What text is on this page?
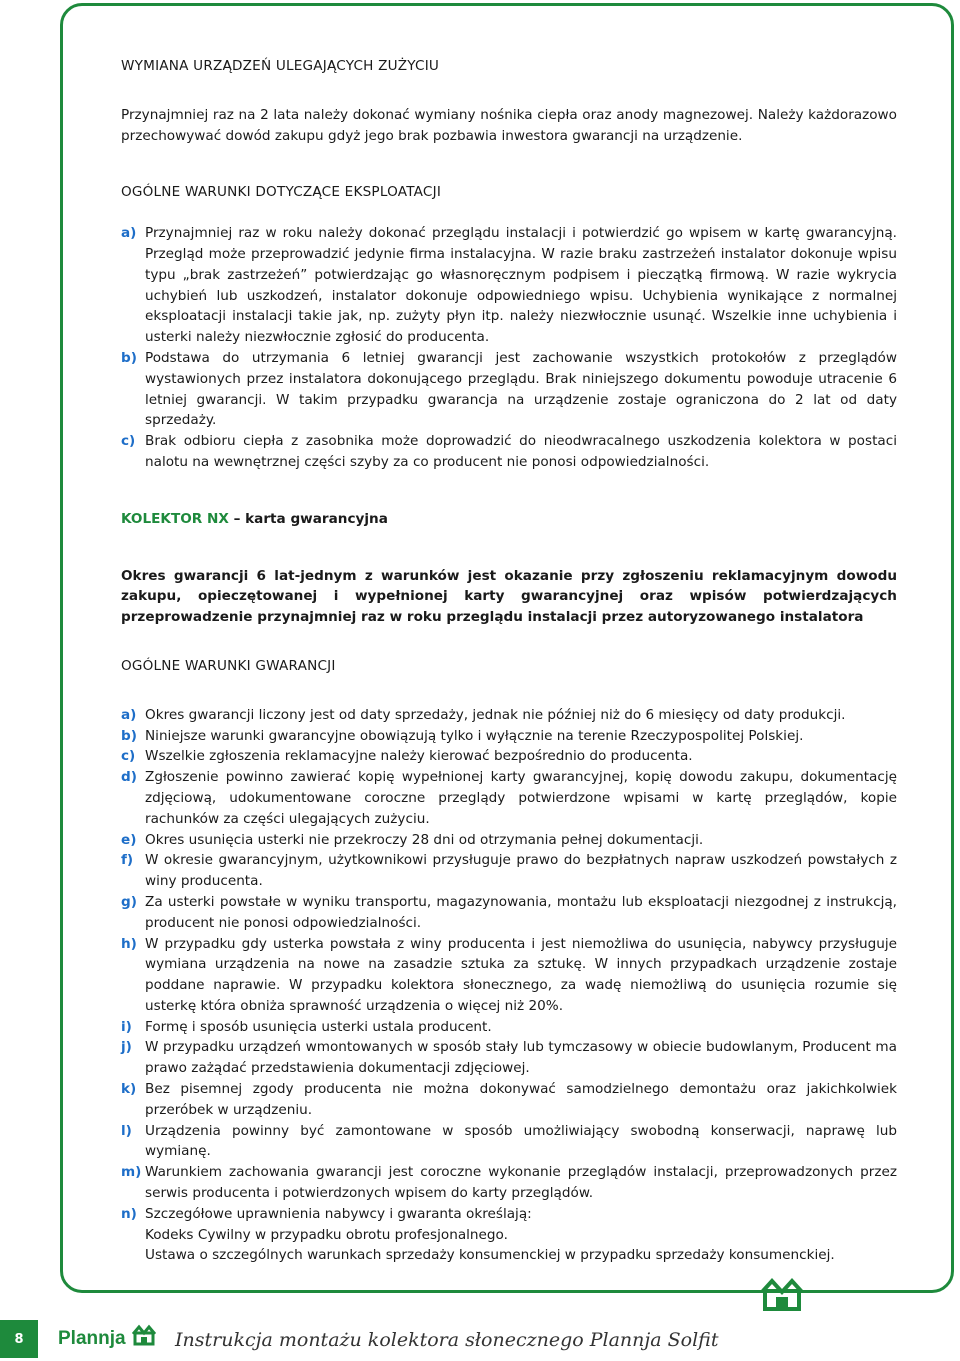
WYMIANA URZĄDZEŃ ULEGAJĄCYCH ZUŻYCIU

Przynajmniej raz na 2 lata należy dokonać wymiany nośnika ciepła oraz anody magnezowej. Należy każdorazowo przechowywać dowód zakupu gdyż jego brak pozbawia inwestora gwarancji na urządzenie.

OGÓLNE WARUNKI DOTYCZĄCE EKSPLOATACJI

a) Przynajmniej raz w roku należy dokonać przeglądu instalacji i potwierdzić go wpisem w kartę gwarancyjną. Przegląd może przeprowadzić jedynie firma instalacyjna. W razie braku zastrzeżeń instalator dokonuje wpisu typu „brak zastrzeżeń” potwierdzając go własnoręcznym podpisem i pieczątką firmową. W razie wykrycia uchybień lub uszkodzeń, instalator dokonuje odpowiedniego wpisu. Uchybienia wynikające z normalnej eksploatacji instalacji takie jak, np. zużyty płyn itp. należy niezwłocznie usunąć. Wszelkie inne uchybienia i usterki należy niezwłocznie zgłosić do producenta.
b) Podstawa do utrzymania 6 letniej gwarancji jest zachowanie wszystkich protokołów z przeglądów wystawionych przez instalatora dokonującego przeglądu. Brak niniejszego dokumentu powoduje utracenie 6 letniej gwarancji. W takim przypadku gwarancja na urządzenie zostaje ograniczona do 2 lat od daty sprzedaży.
c) Brak odbioru ciepła z zasobnika może doprowadzić do nieodwracalnego uszkodzenia kolektora w postaci nalotu na wewnętrznej części szyby za co producent nie ponosi odpowiedzialności.

KOLEKTOR NX – karta gwarancyjna

Okres gwarancji 6 lat-jednym z warunków jest okazanie przy zgłoszeniu reklamacyjnym dowodu zakupu, opieczętowanej i wypełnionej karty gwarancyjnej oraz wpisów potwierdzających przeprowadzenie przynajmniej raz w roku przeglądu instalacji przez autoryzowanego instalatora

OGÓLNE WARUNKI GWARANCJI

a) Okres gwarancji liczony jest od daty sprzedaży, jednak nie później niż do 6 miesięcy od daty produkcji.
b) Niniejsze warunki gwarancyjne obowiązują tylko i wyłącznie na terenie Rzeczypospolitej Polskiej.
c) Wszelkie zgłoszenia reklamacyjne należy kierować bezpośrednio do producenta.
d) Zgłoszenie powinno zawierać kopię wypełnionej karty gwarancyjnej, kopię dowodu zakupu, dokumentację zdjęciową, udokumentowane coroczne przeglądy potwierdzone wpisami w kartę przeglądów, kopie rachunków za części ulegających zużyciu.
e) Okres usunięcia usterki nie przekroczy 28 dni od otrzymania pełnej dokumentacji.
f) W okresie gwarancyjnym, użytkownikowi przysługuje prawo do bezpłatnych napraw uszkodzeń powstałych z winy producenta.
g) Za usterki powstałe w wyniku transportu, magazynowania, montażu lub eksploatacji niezgodnej z instrukcją, producent nie ponosi odpowiedzialności.
h) W przypadku gdy usterka powstała z winy producenta i jest niemożliwa do usunięcia, nabywcy przysługuje wymiana urządzenia na nowe na zasadzie sztuka za sztukę. W innych przypadkach urządzenie zostaje poddane naprawie. W przypadku kolektora słonecznego, za wadę niemożliwą do usunięcia rozumie się usterkę która obniża sprawność urządzenia o więcej niż 20%.
i) Formę i sposób usunięcia usterki ustala producent.
j) W przypadku urządzeń wmontowanych w sposób stały lub tymczasowy w obiecie budowlanym, Producent ma prawo zażądać przedstawienia dokumentacji zdjęciowej.
k) Bez pisemnej zgody producenta nie można dokonywać samodzielnego demontażu oraz jakichkolwiek przeróbek w urządzeniu.
l) Urządzenia powinny być zamontowane w sposób umożliwiający swobodną konserwacji, naprawę lub wymianę.
m) Warunkiem zachowania gwarancji jest coroczne wykonanie przeglądów instalacji, przeprowadzonych przez serwis producenta i potwierdzonych wpisem do karty przeglądów.
n) Szczegółowe uprawnienia nabywcy i gwaranta określają:
Kodeks Cywilny w przypadku obrotu profesjonalnego.
Ustawa o szczególnych warunkach sprzedaży konsumenckiej w przypadku sprzedaży konsumenckiej.
8	Plannja	Instrukcja montażu kolektora słonecznego Plannja Solfit
